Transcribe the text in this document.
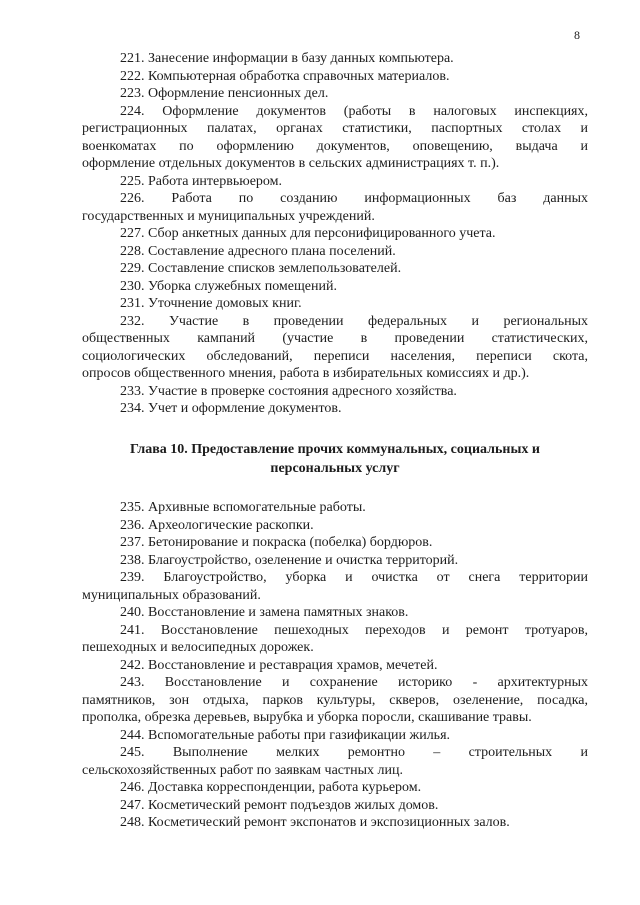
8
221. Занесение информации в базу данных компьютера.
222. Компьютерная обработка справочных материалов.
223. Оформление пенсионных дел.
224. Оформление документов (работы в налоговых инспекциях,
регистрационных палатах, органах статистики, паспортных столах и
военкоматах по оформлению документов, оповещению, выдача и
оформление отдельных документов в сельских администрациях т. п.).
225. Работа интервьюером.
226. Работа по созданию информационных баз данных
государственных и муниципальных учреждений.
227. Сбор анкетных данных для персонифицированного учета.
228. Составление адресного плана поселений.
229. Составление списков землепользователей.
230. Уборка служебных помещений.
231. Уточнение домовых книг.
232. Участие в проведении федеральных и региональных
общественных кампаний (участие в проведении статистических,
социологических обследований, переписи населения, переписи скота,
опросов общественного мнения, работа в избирательных комиссиях и др.).
233. Участие в проверке состояния адресного хозяйства.
234. Учет и оформление документов.
Глава 10. Предоставление прочих коммунальных, социальных и
персональных услуг
235. Архивные вспомогательные работы.
236. Археологические раскопки.
237. Бетонирование и покраска (побелка) бордюров.
238. Благоустройство, озеленение и очистка территорий.
239. Благоустройство, уборка и очистка от снега территории
муниципальных образований.
240. Восстановление и замена памятных знаков.
241. Восстановление пешеходных переходов и ремонт тротуаров,
пешеходных и велосипедных дорожек.
242. Восстановление и реставрация храмов, мечетей.
243. Восстановление и сохранение историко - архитектурных
памятников, зон отдыха, парков культуры, скверов, озеленение, посадка,
прополка, обрезка деревьев, вырубка и уборка поросли, скашивание травы.
244. Вспомогательные работы при газификации жилья.
245. Выполнение мелких ремонтно – строительных и
сельскохозяйственных работ по заявкам частных лиц.
246. Доставка корреспонденции, работа курьером.
247. Косметический ремонт подъездов жилых домов.
248. Косметический ремонт экспонатов и экспозиционных залов.
